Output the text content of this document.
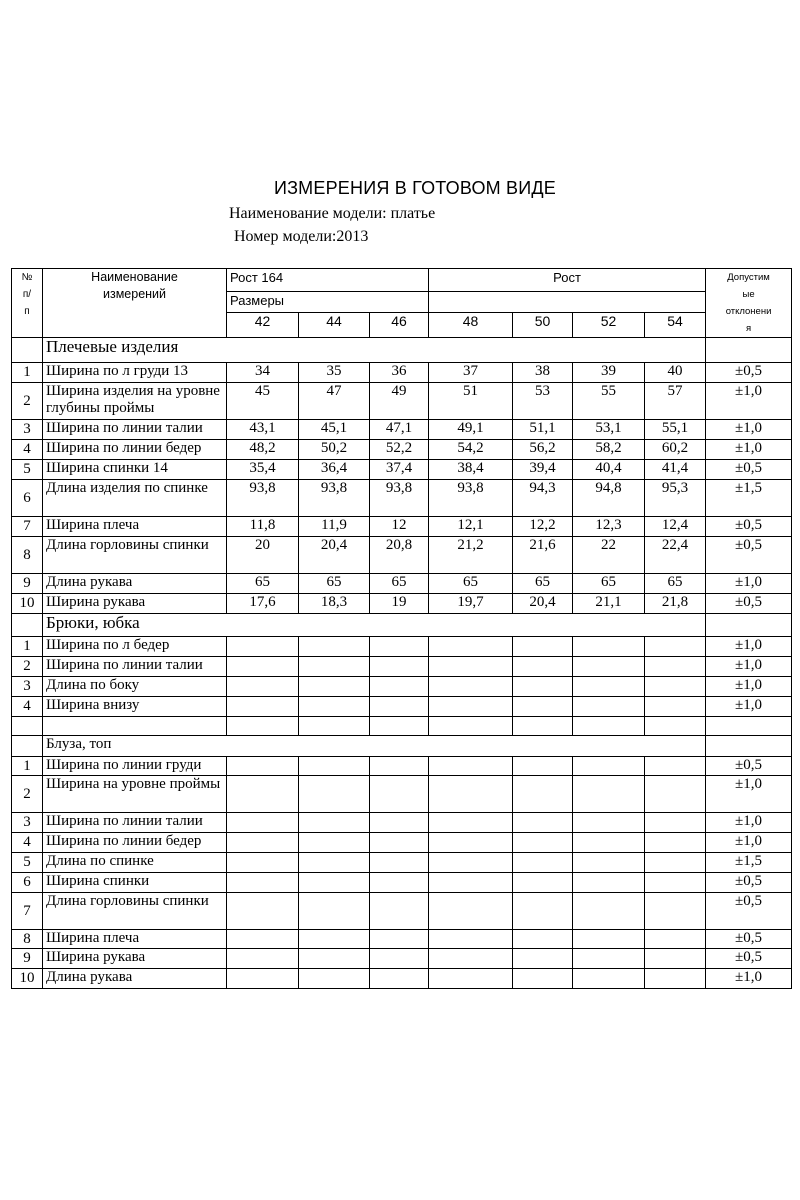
ИЗМЕРЕНИЯ В ГОТОВОМ ВИДЕ
Наименование модели: платье
Номер модели:2013
№
п/
п	Наименование
измерений	Рост 164			Рост				Допустим
ые
отклонени
я
		Размеры							
		42	44	46	48	50	52	54	
	Плечевые изделия								
1	Ширина по л груди 13	34	35	36	37	38	39	40	±0,5
2	Ширина изделия на уровне глубины проймы	45	47	49	51	53	55	57	±1,0
3	Ширина по линии талии	43,1	45,1	47,1	49,1	51,1	53,1	55,1	±1,0
4	Ширина по линии бедер	48,2	50,2	52,2	54,2	56,2	58,2	60,2	±1,0
5	Ширина спинки 14	35,4	36,4	37,4	38,4	39,4	40,4	41,4	±0,5
6	Длина изделия по спинке	93,8	93,8	93,8	93,8	94,3	94,8	95,3	±1,5
7	Ширина плеча	11,8	11,9	12	12,1	12,2	12,3	12,4	±0,5
8	Длина горловины спинки	20	20,4	20,8	21,2	21,6	22	22,4	±0,5
9	Длина рукава	65	65	65	65	65	65	65	±1,0
10	Ширина рукава	17,6	18,3	19	19,7	20,4	21,1	21,8	±0,5
	Брюки, юбка								
1	Ширина по л бедер								±1,0
2	Ширина по линии талии								±1,0
3	Длина по боку								±1,0
4	Ширина внизу								±1,0

	Блуза, топ								
1	Ширина по линии груди								±0,5
2	Ширина на уровне проймы								±1,0
3	Ширина по линии талии								±1,0
4	Ширина по линии бедер								±1,0
5	Длина по спинке								±1,5
6	Ширина спинки								±0,5
7	Длина горловины спинки								±0,5
8	Ширина плеча								±0,5
9	Ширина рукава								±0,5
10	Длина рукава								±1,0
